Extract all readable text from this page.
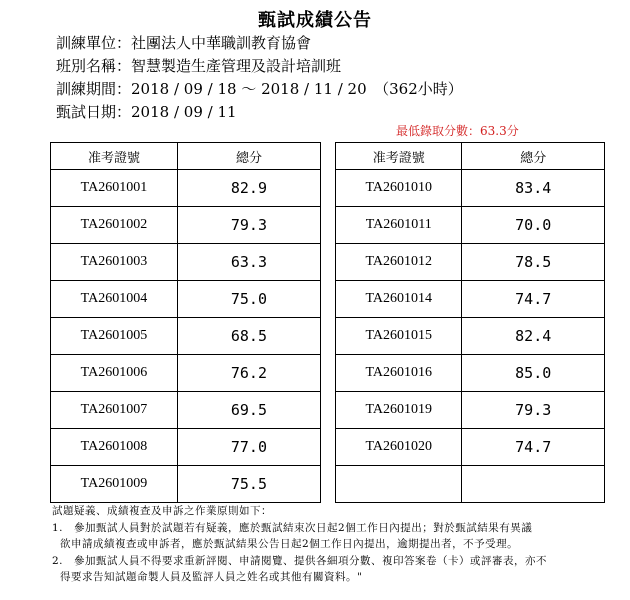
甄試成績公告
訓練單位：社團法人中華職訓教育協會
班別名稱：智慧製造生產管理及設計培訓班
訓練期間：2018 / 09 / 18 ～ 2018 / 11 / 20　（362小時）
甄試日期：2018 / 09 / 11
最低錄取分數：63.3分
准考證號	總分
TA2601001	82.9
TA2601002	79.3
TA2601003	63.3
TA2601004	75.0
TA2601005	68.5
TA2601006	76.2
TA2601007	69.5
TA2601008	77.0
TA2601009	75.5
准考證號	總分
TA2601010	83.4
TA2601011	70.0
TA2601012	78.5
TA2601014	74.7
TA2601015	82.4
TA2601016	85.0
TA2601019	79.3
TA2601020	74.7

試題疑義、成績複查及申訴之作業原則如下：
1.　參加甄試人員對於試題若有疑義，應於甄試結束次日起2個工作日內提出；對於甄試結果有異議
欲申請成績複查或申訴者，應於甄試結果公告日起2個工作日內提出，逾期提出者，不予受理。
2.　參加甄試人員不得要求重新評閱、申請閱覽、提供各細項分數、複印答案卷（卡）或評審表，亦不
得要求告知試題命製人員及監評人員之姓名或其他有關資料。"
